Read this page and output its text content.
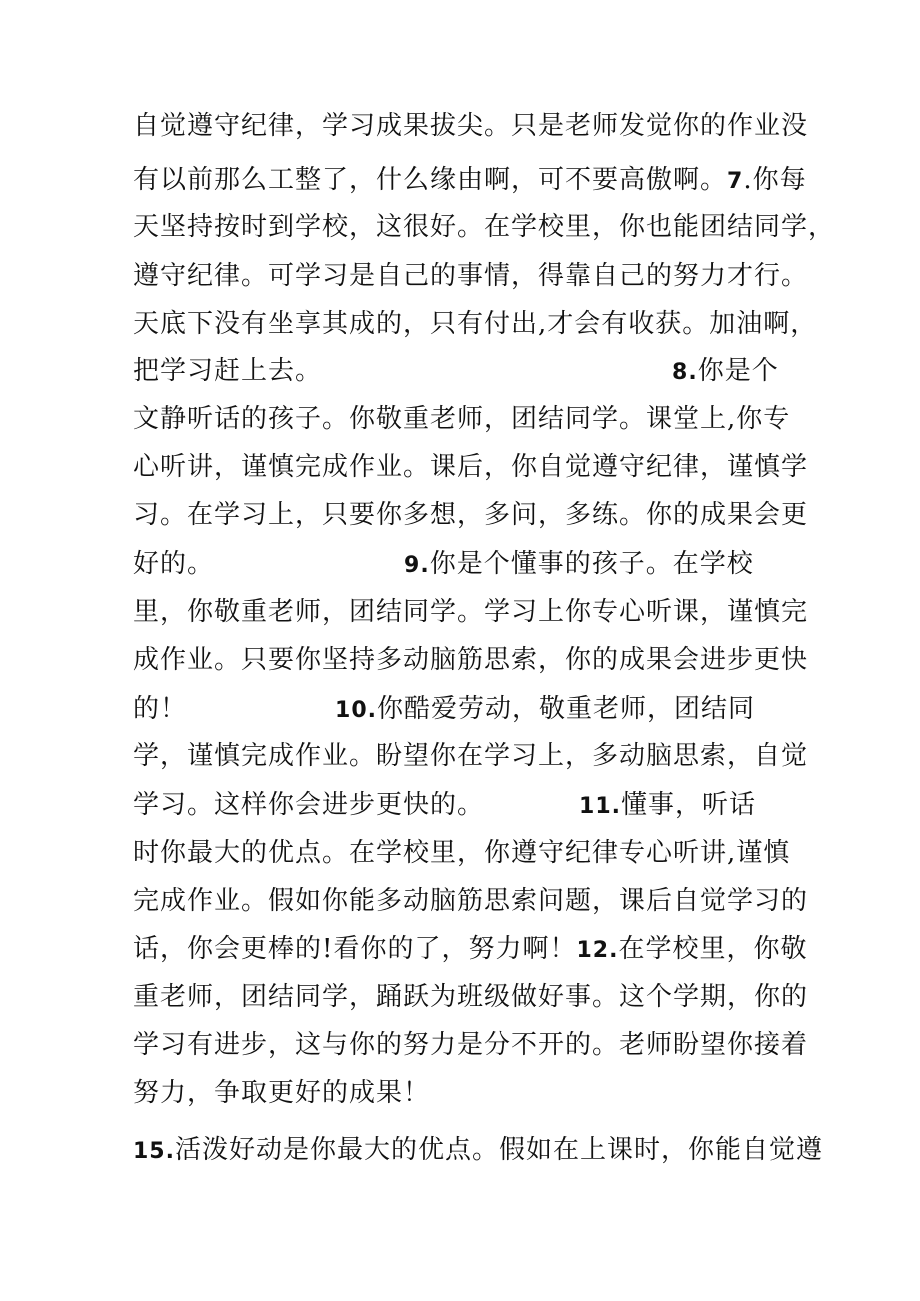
自觉遵守纪律，学习成果拔尖。只是老师发觉你的作业没
有以前那么工整了，什么缘由啊，可不要高傲啊。7.你每
天坚持按时到学校，这很好。在学校里，你也能团结同学，
遵守纪律。可学习是自己的事情，得靠自己的努力才行。
天底下没有坐享其成的，只有付出,才会有收获。加油啊，
把学习赶上去。	8.你是个
文静听话的孩子。你敬重老师，团结同学。课堂上,你专
心听讲，谨慎完成作业。课后，你自觉遵守纪律，谨慎学
习。在学习上，只要你多想，多问，多练。你的成果会更
好的。	9.你是个懂事的孩子。在学校
里，你敬重老师，团结同学。学习上你专心听课，谨慎完
成作业。只要你坚持多动脑筋思索，你的成果会进步更快
的！	10.你酷爱劳动，敬重老师，团结同
学，谨慎完成作业。盼望你在学习上，多动脑思索，自觉
学习。这样你会进步更快的。	11.懂事，听话
时你最大的优点。在学校里，你遵守纪律专心听讲,谨慎
完成作业。假如你能多动脑筋思索问题，课后自觉学习的
话，你会更棒的!看你的了，努力啊！12.在学校里，你敬
重老师，团结同学，踊跃为班级做好事。这个学期，你的
学习有进步，这与你的努力是分不开的。老师盼望你接着
努力，争取更好的成果！
15.活泼好动是你最大的优点。假如在上课时，你能自觉遵
